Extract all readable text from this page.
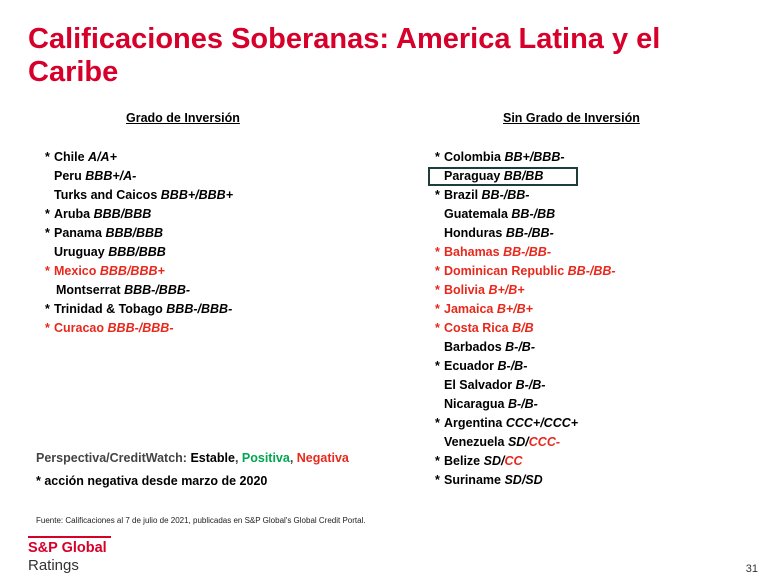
Calificaciones Soberanas: America Latina y el Caribe
Grado de Inversión	Sin Grado de Inversión
* Chile A/A+
Peru BBB+/A-
Turks and Caicos BBB+/BBB+
* Aruba BBB/BBB
* Panama BBB/BBB
Uruguay BBB/BBB
* Mexico BBB/BBB+
Montserrat BBB-/BBB-
* Trinidad & Tobago BBB-/BBB-
* Curacao BBB-/BBB-
* Colombia BB+/BBB-
Paraguay BB/BB
* Brazil BB-/BB-
Guatemala BB-/BB
Honduras BB-/BB-
* Bahamas BB-/BB-
* Dominican Republic BB-/BB-
* Bolivia B+/B+
* Jamaica B+/B+
* Costa Rica B/B
Barbados B-/B-
* Ecuador B-/B-
El Salvador B-/B-
Nicaragua B-/B-
* Argentina CCC+/CCC+
Venezuela SD/CCC-
* Belize SD/CC
* Suriname SD/SD
Perspectiva/CreditWatch: Estable, Positiva, Negativa
* acción negativa desde marzo de 2020
Fuente: Calificaciones al 7 de julio de 2021, publicadas en S&P Global's Global Credit Portal.
S&P Global
Ratings	31
